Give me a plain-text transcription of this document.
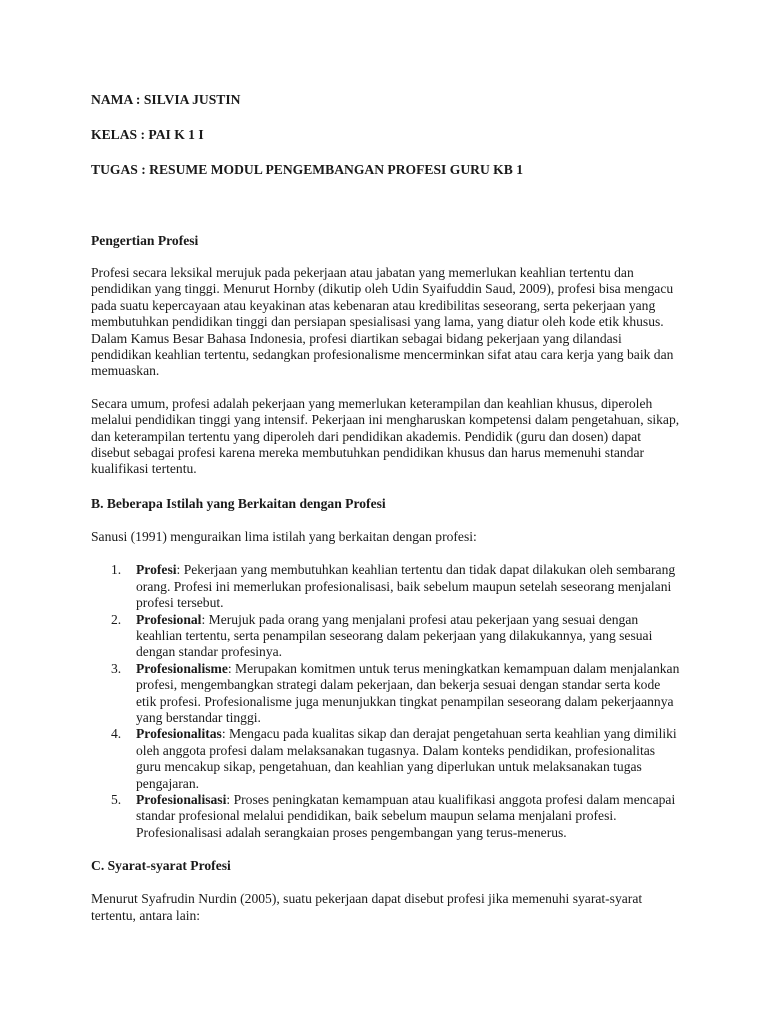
NAMA : SILVIA JUSTIN
KELAS : PAI K 1 I
TUGAS : RESUME MODUL PENGEMBANGAN PROFESI GURU KB 1
Pengertian Profesi
Profesi secara leksikal merujuk pada pekerjaan atau jabatan yang memerlukan keahlian tertentu dan pendidikan yang tinggi. Menurut Hornby (dikutip oleh Udin Syaifuddin Saud, 2009), profesi bisa mengacu pada suatu kepercayaan atau keyakinan atas kebenaran atau kredibilitas seseorang, serta pekerjaan yang membutuhkan pendidikan tinggi dan persiapan spesialisasi yang lama, yang diatur oleh kode etik khusus. Dalam Kamus Besar Bahasa Indonesia, profesi diartikan sebagai bidang pekerjaan yang dilandasi pendidikan keahlian tertentu, sedangkan profesionalisme mencerminkan sifat atau cara kerja yang baik dan memuaskan.
Secara umum, profesi adalah pekerjaan yang memerlukan keterampilan dan keahlian khusus, diperoleh melalui pendidikan tinggi yang intensif. Pekerjaan ini mengharuskan kompetensi dalam pengetahuan, sikap, dan keterampilan tertentu yang diperoleh dari pendidikan akademis. Pendidik (guru dan dosen) dapat disebut sebagai profesi karena mereka membutuhkan pendidikan khusus dan harus memenuhi standar kualifikasi tertentu.
B. Beberapa Istilah yang Berkaitan dengan Profesi
Sanusi (1991) menguraikan lima istilah yang berkaitan dengan profesi:
1. Profesi: Pekerjaan yang membutuhkan keahlian tertentu dan tidak dapat dilakukan oleh sembarang orang. Profesi ini memerlukan profesionalisasi, baik sebelum maupun setelah seseorang menjalani profesi tersebut.
2. Profesional: Merujuk pada orang yang menjalani profesi atau pekerjaan yang sesuai dengan keahlian tertentu, serta penampilan seseorang dalam pekerjaan yang dilakukannya, yang sesuai dengan standar profesinya.
3. Profesionalisme: Merupakan komitmen untuk terus meningkatkan kemampuan dalam menjalankan profesi, mengembangkan strategi dalam pekerjaan, dan bekerja sesuai dengan standar serta kode etik profesi. Profesionalisme juga menunjukkan tingkat penampilan seseorang dalam pekerjaannya yang berstandar tinggi.
4. Profesionalitas: Mengacu pada kualitas sikap dan derajat pengetahuan serta keahlian yang dimiliki oleh anggota profesi dalam melaksanakan tugasnya. Dalam konteks pendidikan, profesionalitas guru mencakup sikap, pengetahuan, dan keahlian yang diperlukan untuk melaksanakan tugas pengajaran.
5. Profesionalisasi: Proses peningkatan kemampuan atau kualifikasi anggota profesi dalam mencapai standar profesional melalui pendidikan, baik sebelum maupun selama menjalani profesi. Profesionalisasi adalah serangkaian proses pengembangan yang terus-menerus.
C. Syarat-syarat Profesi
Menurut Syafrudin Nurdin (2005), suatu pekerjaan dapat disebut profesi jika memenuhi syarat-syarat tertentu, antara lain:
